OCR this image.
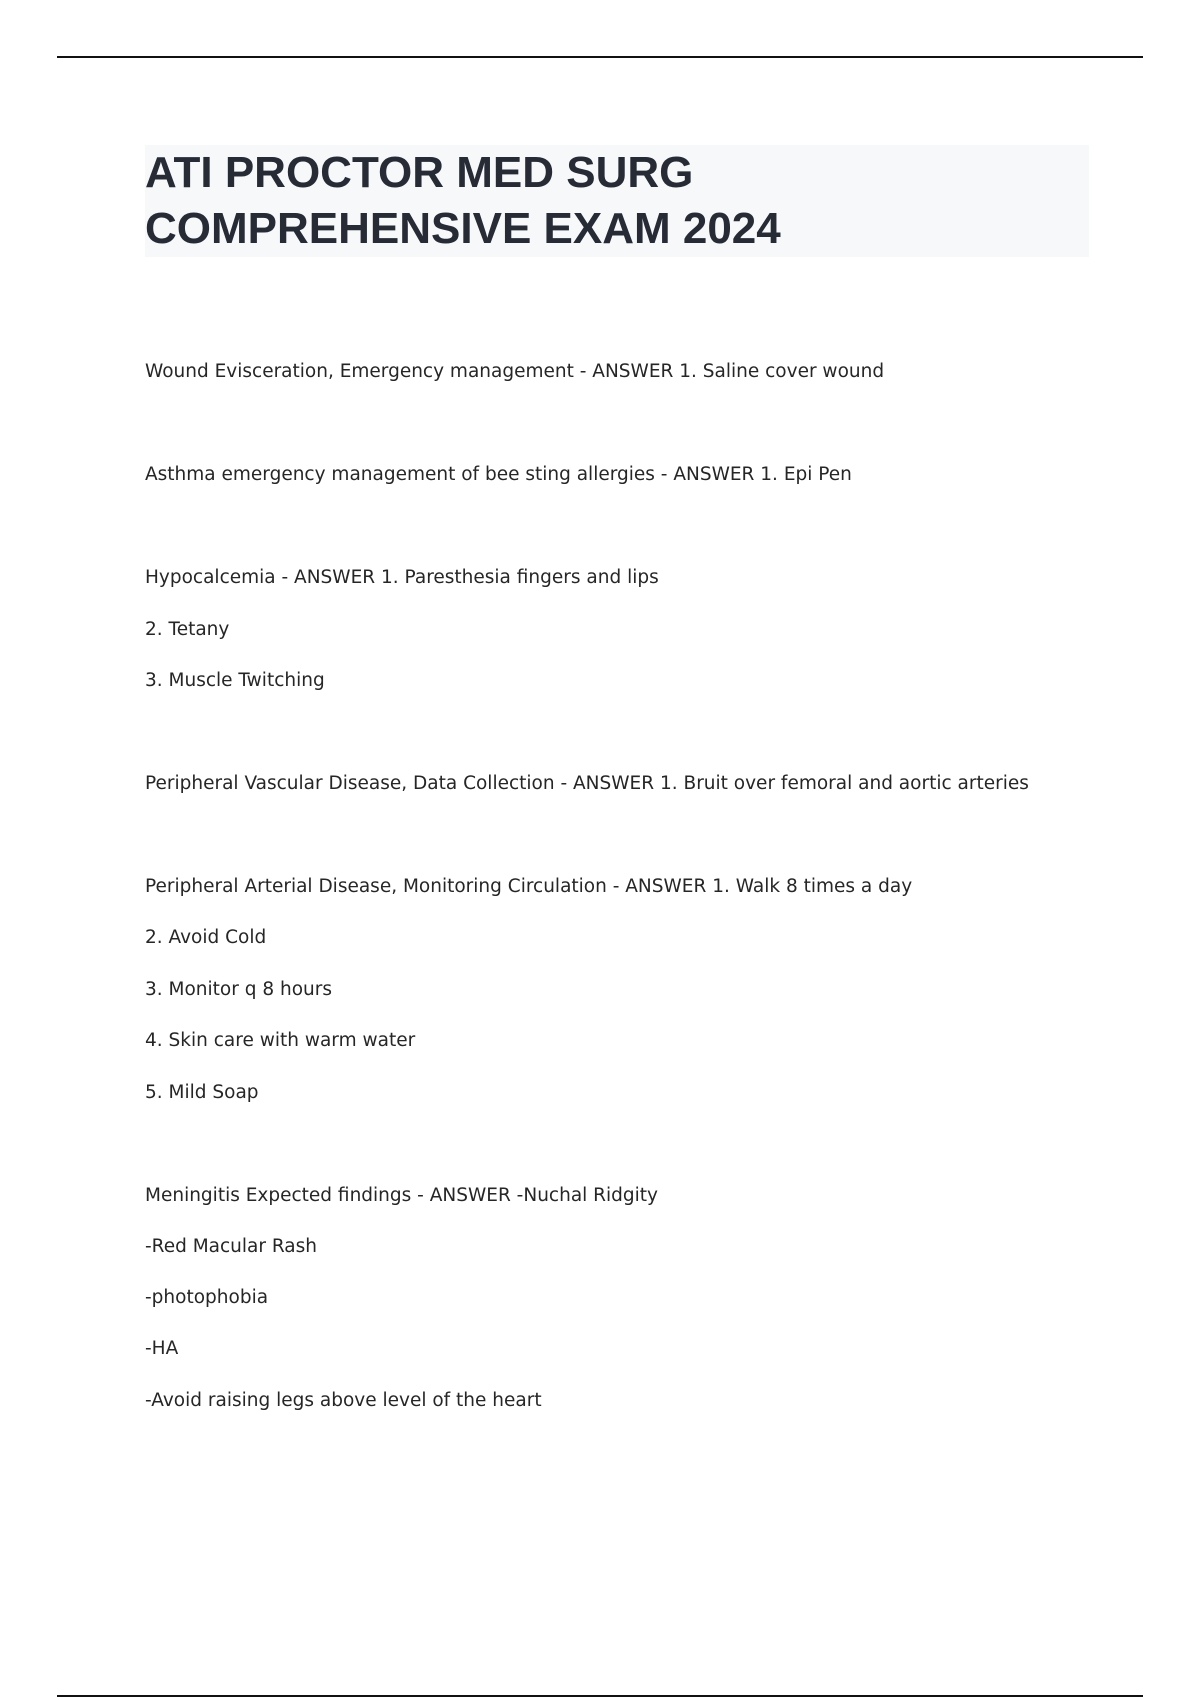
ATI PROCTOR MED SURG
COMPREHENSIVE EXAM 2024
Wound Evisceration, Emergency management - ANSWER 1. Saline cover wound
Asthma emergency management of bee sting allergies - ANSWER 1. Epi Pen
Hypocalcemia - ANSWER 1. Paresthesia fingers and lips
2. Tetany
3. Muscle Twitching
Peripheral Vascular Disease, Data Collection - ANSWER 1. Bruit over femoral and aortic arteries
Peripheral Arterial Disease, Monitoring Circulation - ANSWER 1. Walk 8 times a day
2. Avoid Cold
3. Monitor q 8 hours
4. Skin care with warm water
5. Mild Soap
Meningitis Expected findings - ANSWER -Nuchal Ridgity
-Red Macular Rash
-photophobia
-HA
-Avoid raising legs above level of the heart
